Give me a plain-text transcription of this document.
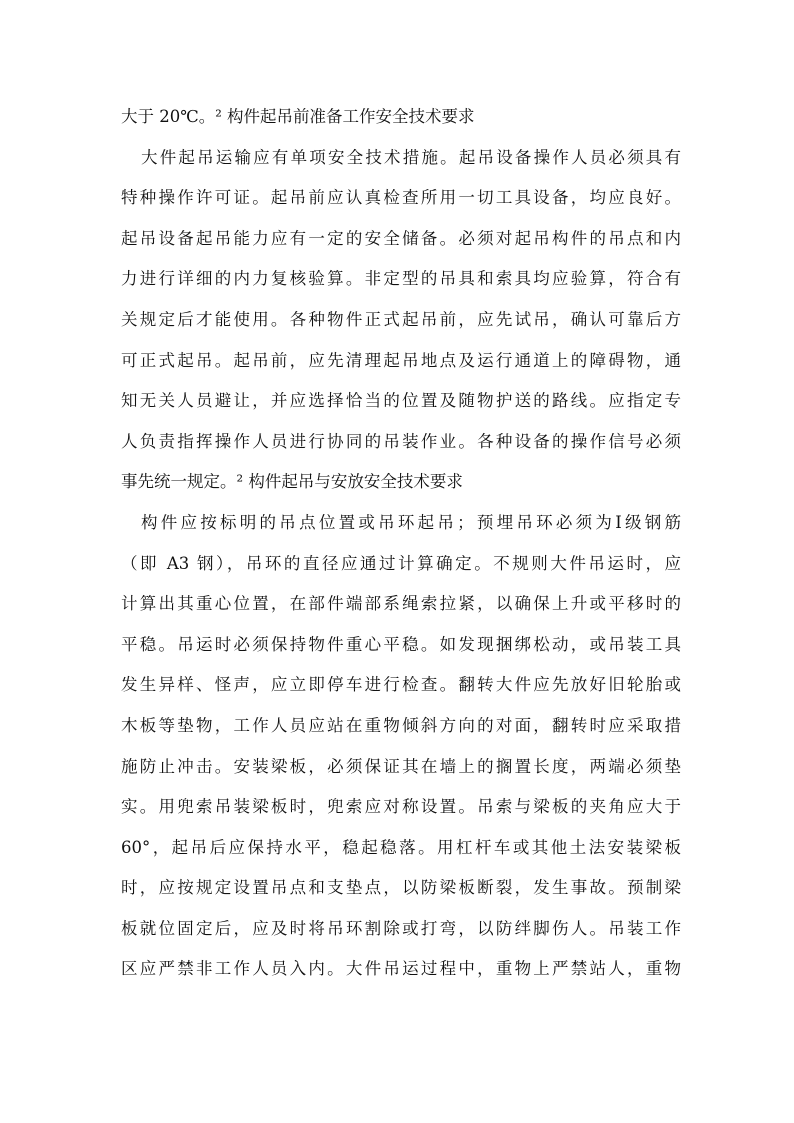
大于 20℃。² 构件起吊前准备工作安全技术要求
大件起吊运输应有单项安全技术措施。起吊设备操作人员必须具有
特种操作许可证。起吊前应认真检查所用一切工具设备，均应良好。
起吊设备起吊能力应有一定的安全储备。必须对起吊构件的吊点和内
力进行详细的内力复核验算。非定型的吊具和索具均应验算，符合有
关规定后才能使用。各种物件正式起吊前，应先试吊，确认可靠后方
可正式起吊。起吊前，应先清理起吊地点及运行通道上的障碍物，通
知无关人员避让，并应选择恰当的位置及随物护送的路线。应指定专
人负责指挥操作人员进行协同的吊装作业。各种设备的操作信号必须
事先统一规定。² 构件起吊与安放安全技术要求
构件应按标明的吊点位置或吊环起吊；预埋吊环必须为Ⅰ级钢筋
（即 A3 钢），吊环的直径应通过计算确定。不规则大件吊运时，应
计算出其重心位置，在部件端部系绳索拉紧，以确保上升或平移时的
平稳。吊运时必须保持物件重心平稳。如发现捆绑松动，或吊装工具
发生异样、怪声，应立即停车进行检查。翻转大件应先放好旧轮胎或
木板等垫物，工作人员应站在重物倾斜方向的对面，翻转时应采取措
施防止冲击。安装梁板，必须保证其在墙上的搁置长度，两端必须垫
实。用兜索吊装梁板时，兜索应对称设置。吊索与梁板的夹角应大于
60°，起吊后应保持水平，稳起稳落。用杠杆车或其他土法安装梁板
时，应按规定设置吊点和支垫点，以防梁板断裂，发生事故。预制梁
板就位固定后，应及时将吊环割除或打弯，以防绊脚伤人。吊装工作
区应严禁非工作人员入内。大件吊运过程中，重物上严禁站人，重物
